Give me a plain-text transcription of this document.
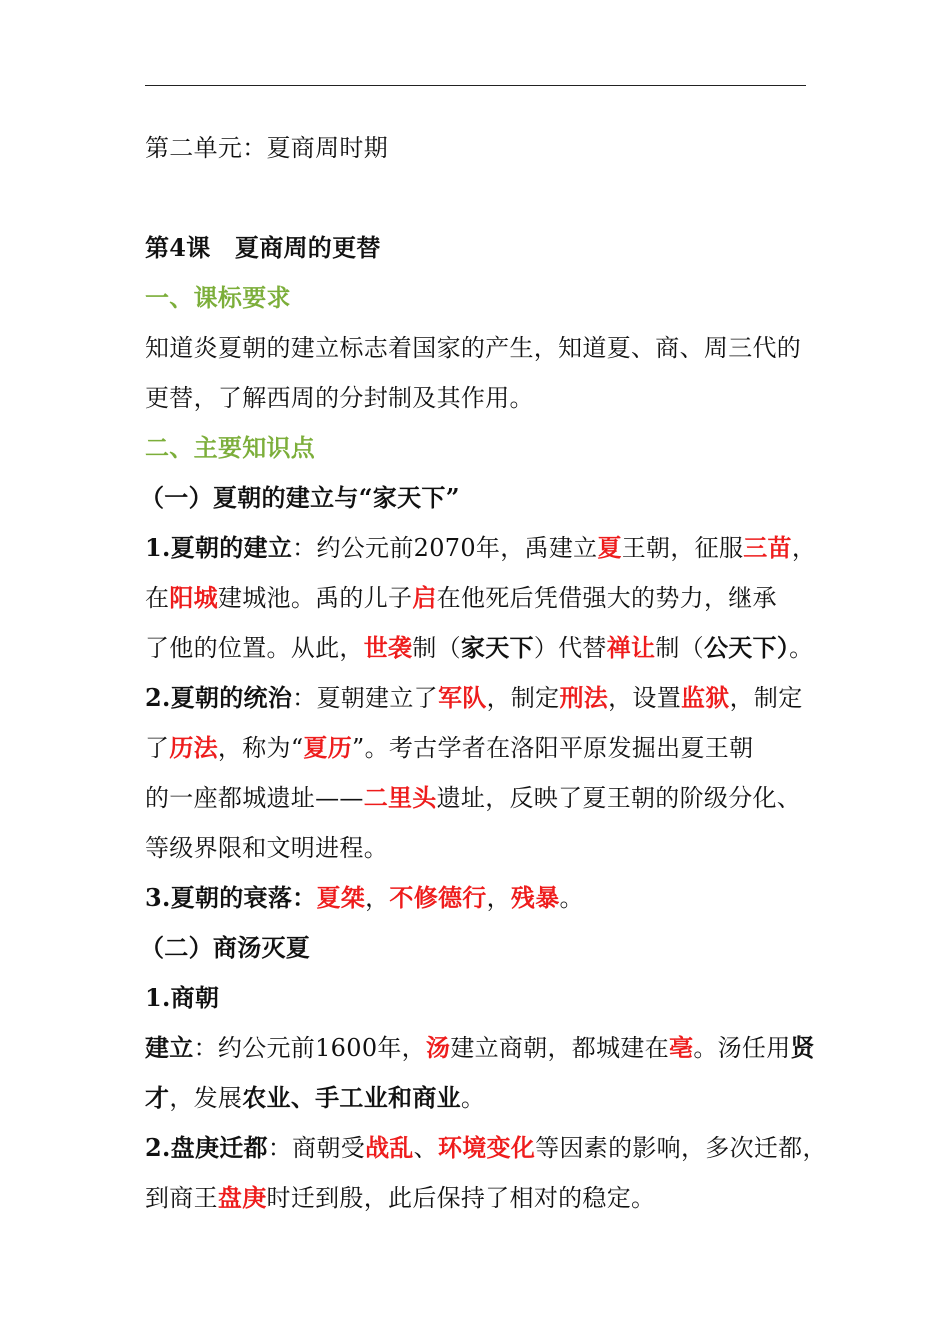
第二单元：夏商周时期
第4课　夏商周的更替
一、课标要求
知道炎夏朝的建立标志着国家的产生，知道夏、商、周三代的
更替，了解西周的分封制及其作用。
二、主要知识点
（一）夏朝的建立与“家天下”
1.夏朝的建立：约公元前2070年，禹建立夏王朝，征服三苗，
在阳城建城池。禹的儿子启在他死后凭借强大的势力，继承
了他的位置。从此，世袭制（家天下）代替禅让制（公天下）。
2.夏朝的统治：夏朝建立了军队，制定刑法，设置监狱，制定
了历法，称为“夏历”。考古学者在洛阳平原发掘出夏王朝
的一座都城遗址——二里头遗址，反映了夏王朝的阶级分化、
等级界限和文明进程。
3.夏朝的衰落：夏桀，不修德行，残暴。
（二）商汤灭夏
1.商朝
建立：约公元前1600年，汤建立商朝，都城建在亳。汤任用贤
才，发展农业、手工业和商业。
2.盘庚迁都：商朝受战乱、环境变化等因素的影响，多次迁都，
到商王盘庚时迁到殷，此后保持了相对的稳定。
